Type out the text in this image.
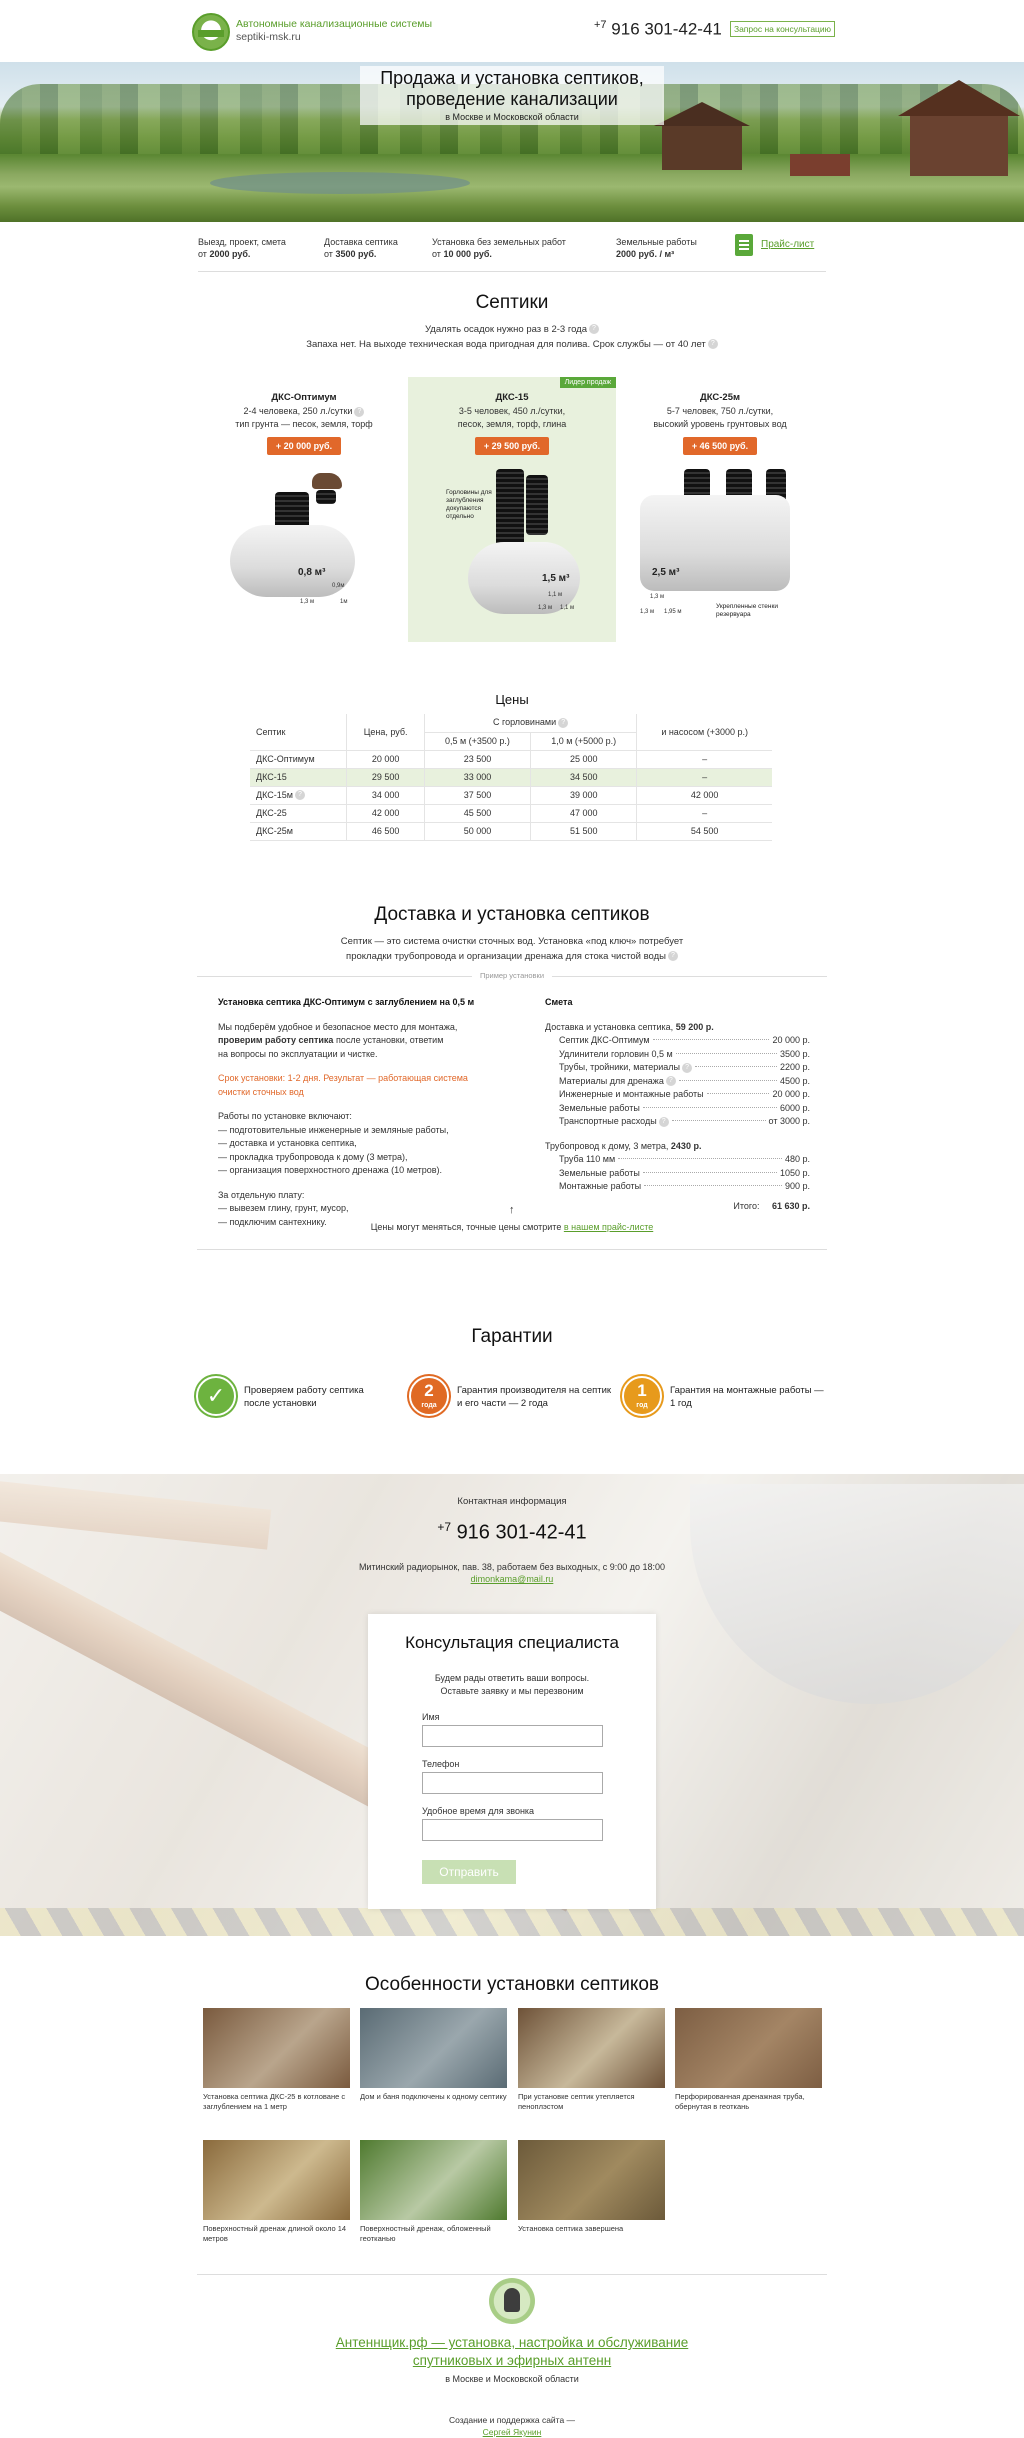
Автономные канализационные системы
septiki-msk.ru
$^{+7}$ 916 301-42-41	Запрос на консультацию
Продажа и установка септиков,
проведение канализации
в Москве и Московской области
Выезд, проект, смета
от 2000 руб.
Доставка септика
от 3500 руб.
Установка без земельных работ
от 10 000 руб.
Земельные работы
2000 руб. / м³
Прайс-лист
Септики
Удалять осадок нужно раз в 2-3 года ?
Запаха нет. На выходе техническая вода пригодная для полива. Срок службы — от 40 лет ?
ДКС-Оптимум
2-4 человека, 250 л./сутки ?
тип грунта — песок, земля, торф
+ 20 000 руб.
0,8 м³
0,9м
1,3 м	1м
Лидер продаж
ДКС-15
3-5 человек, 450 л./сутки,
песок, земля, торф, глина
+ 29 500 руб.
Горловины для заглубления докупаются отдельно
1,5 м³
1,1 м
1,3 м 1,1 м
ДКС-25м
5-7 человек, 750 л./сутки,
высокий уровень грунтовых вод
+ 46 500 руб.
2,5 м³
1,3 м
1,3 м 1,95 м
Укрепленные стенки резервуара
Цены
Септик	Цена, руб.	С горловинами ?		и насосом (+3000 р.)
		0,5 м (+3500 р.)	1,0 м (+5000 р.)	
ДКС-Оптимум	20 000	23 500	25 000	–
ДКС-15	29 500	33 000	34 500	–
ДКС-15м ?	34 000	37 500	39 000	42 000
ДКС-25	42 000	45 500	47 000	–
ДКС-25м	46 500	50 000	51 500	54 500
Доставка и установка септиков
Септик — это система очистки сточных вод. Установка «под ключ» потребует
прокладки трубопровода и организации дренажа для стока чистой воды ?
Пример установки

Установка септика ДКС-Оптимум с заглублением на 0,5 м

Мы подберём удобное и безопасное место для монтажа,
проверим работу септика после установки, ответим
на вопросы по эксплуатации и чистке.

Срок установки: 1-2 дня. Результат — работающая система
очистки сточных вод

Работы по установке включают:
— подготовительные инженерные и земляные работы,
— доставка и установка септика,
— прокладка трубопровода к дому (3 метра),
— организация поверхностного дренажа (10 метров).

За отдельную плату:
— вывезем глину, грунт, мусор,
— подключим сантехнику.

Смета
Доставка и установка септика, 59 200 р.
Септик ДКС-Оптимум	20 000 р.
Удлинители горловин 0,5 м	3500 р.
Трубы, тройники, материалы ?	2200 р.
Материалы для дренажа ?	4500 р.
Инженерные и монтажные работы	20 000 р.
Земельные работы	6000 р.
Транспортные расходы ?	от 3000 р.
Трубопровод к дому, 3 метра, 2430 р.
Труба 110 мм	480 р.
Земельные работы	1050 р.
Монтажные работы	900 р.
Итого: 61 630 р.
↑
Цены могут меняться, точные цены смотрите в нашем прайс-листе
Гарантии
✓	Проверяем работу септика
после установки
2
года
Гарантия производителя на септик
и его части — 2 года
1
год
Гарантия на монтажные работы —
1 год
Контактная информация
$^{+7}$ 916 301-42-41
Митинский радиорынок, пав. 38, работаем без выходных, с 9:00 до 18:00
dimonkama@mail.ru
Консультация специалиста
Будем рады ответить ваши вопросы.
Оставьте заявку и мы перезвоним
Имя
Телефон
Удобное время для звонка
Отправить
Особенности установки септиков
Установка септика ДКС-25 в котловане с заглублением на 1 метр
Дом и баня подключены к одному септику При установке септик утепляется пеноплэстом
Перфорированная дренажная труба, обернутая в геоткань
Поверхностный дренаж длиной около 14 метров
Поверхностный дренаж, обложенный геотканью
Установка септика завершена
Антеннщик.рф — установка, настройка и обслуживание
спутниковых и эфирных антенн
в Москве и Московской области
Создание и поддержка сайта —
Сергей Якунин
